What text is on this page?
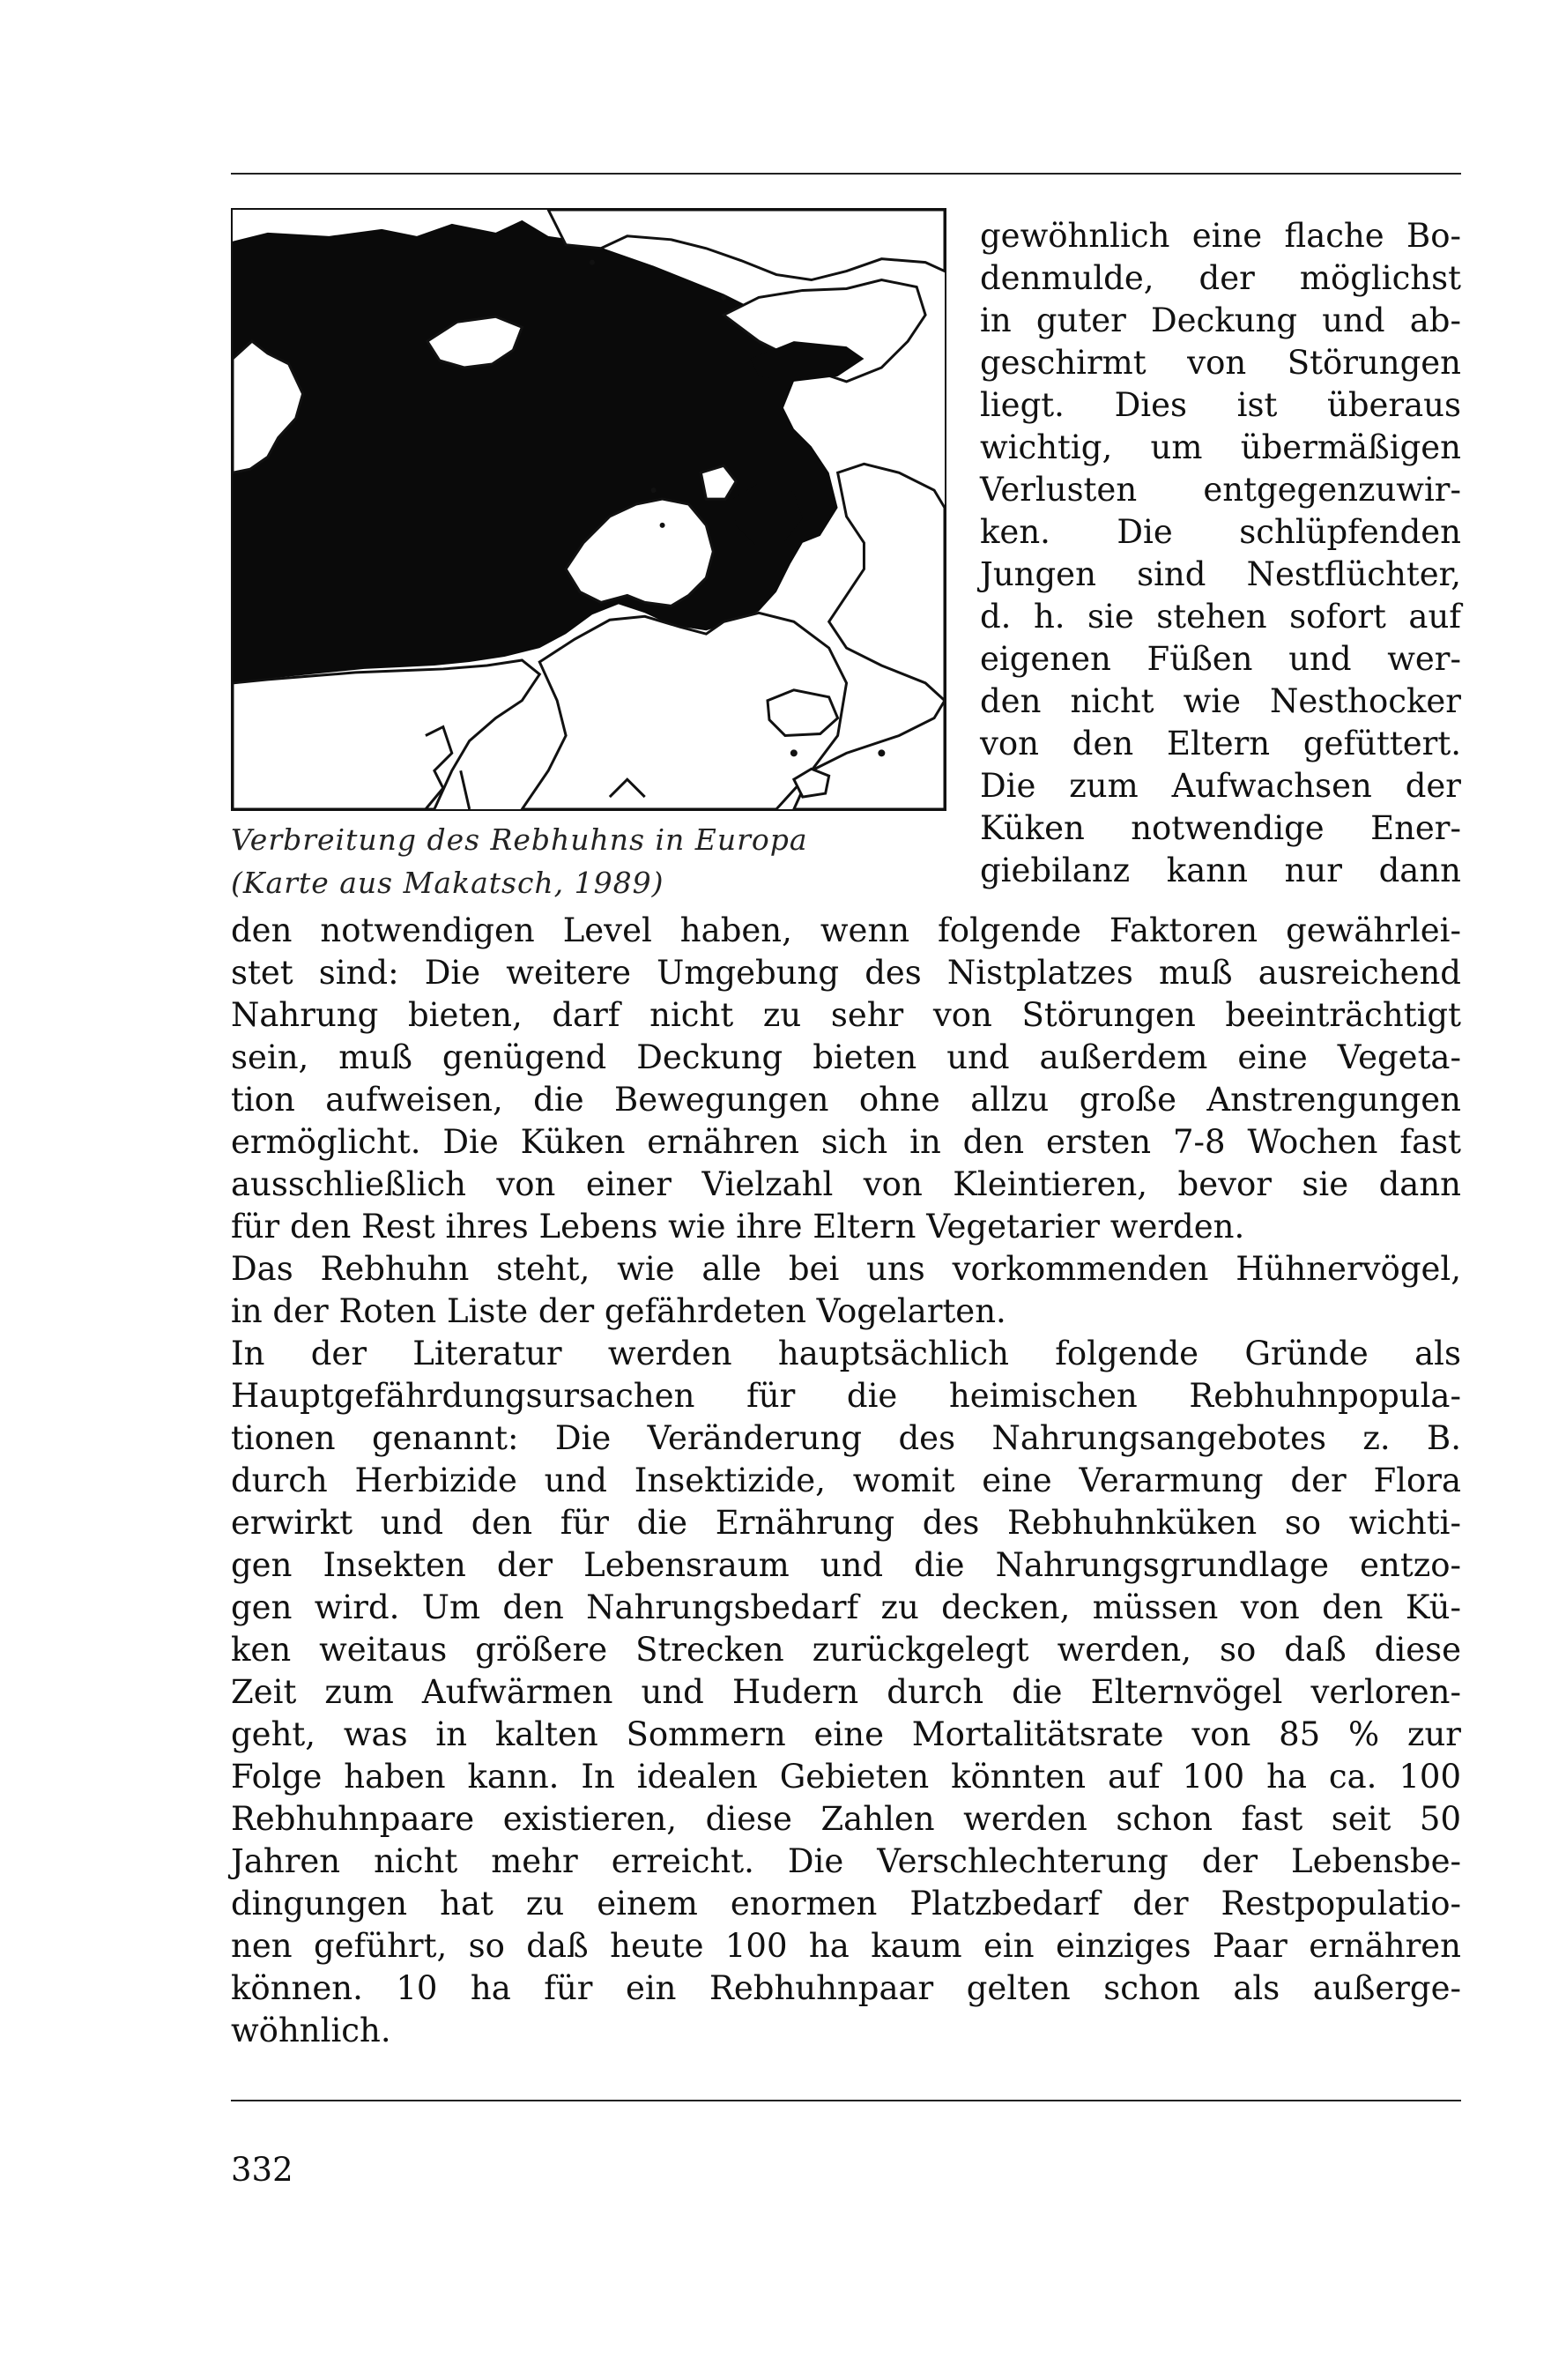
Verbreitung des Rebhuhns in Europa
(Karte aus Makatsch, 1989)
gewöhnlich eine flache Bo-
denmulde, der möglichst
in guter Deckung und ab-
geschirmt von Störungen
liegt. Dies ist überaus
wichtig, um übermäßigen
Verlusten entgegenzuwir-
ken. Die schlüpfenden
Jungen sind Nestflüchter,
d. h. sie stehen sofort auf
eigenen Füßen und wer-
den nicht wie Nesthocker
von den Eltern gefüttert.
Die zum Aufwachsen der
Küken notwendige Ener-
giebilanz kann nur dann
den notwendigen Level haben, wenn folgende Faktoren gewährlei-
stet sind: Die weitere Umgebung des Nistplatzes muß ausreichend
Nahrung bieten, darf nicht zu sehr von Störungen beeinträchtigt
sein, muß genügend Deckung bieten und außerdem eine Vegeta-
tion aufweisen, die Bewegungen ohne allzu große Anstrengungen
ermöglicht. Die Küken ernähren sich in den ersten 7-8 Wochen fast
ausschließlich von einer Vielzahl von Kleintieren, bevor sie dann
für den Rest ihres Lebens wie ihre Eltern Vegetarier werden.
Das Rebhuhn steht, wie alle bei uns vorkommenden Hühnervögel,
in der Roten Liste der gefährdeten Vogelarten.
In der Literatur werden hauptsächlich folgende Gründe als
Hauptgefährdungsursachen für die heimischen Rebhuhnpopula-
tionen genannt: Die Veränderung des Nahrungsangebotes z. B.
durch Herbizide und Insektizide, womit eine Verarmung der Flora
erwirkt und den für die Ernährung des Rebhuhnküken so wichti-
gen Insekten der Lebensraum und die Nahrungsgrundlage entzo-
gen wird. Um den Nahrungsbedarf zu decken, müssen von den Kü-
ken weitaus größere Strecken zurückgelegt werden, so daß diese
Zeit zum Aufwärmen und Hudern durch die Elternvögel verloren-
geht, was in kalten Sommern eine Mortalitätsrate von 85 % zur
Folge haben kann. In idealen Gebieten könnten auf 100 ha ca. 100
Rebhuhnpaare existieren, diese Zahlen werden schon fast seit 50
Jahren nicht mehr erreicht. Die Verschlechterung der Lebensbe-
dingungen hat zu einem enormen Platzbedarf der Restpopulatio-
nen geführt, so daß heute 100 ha kaum ein einziges Paar ernähren
können. 10 ha für ein Rebhuhnpaar gelten schon als außerge-
wöhnlich.
332
